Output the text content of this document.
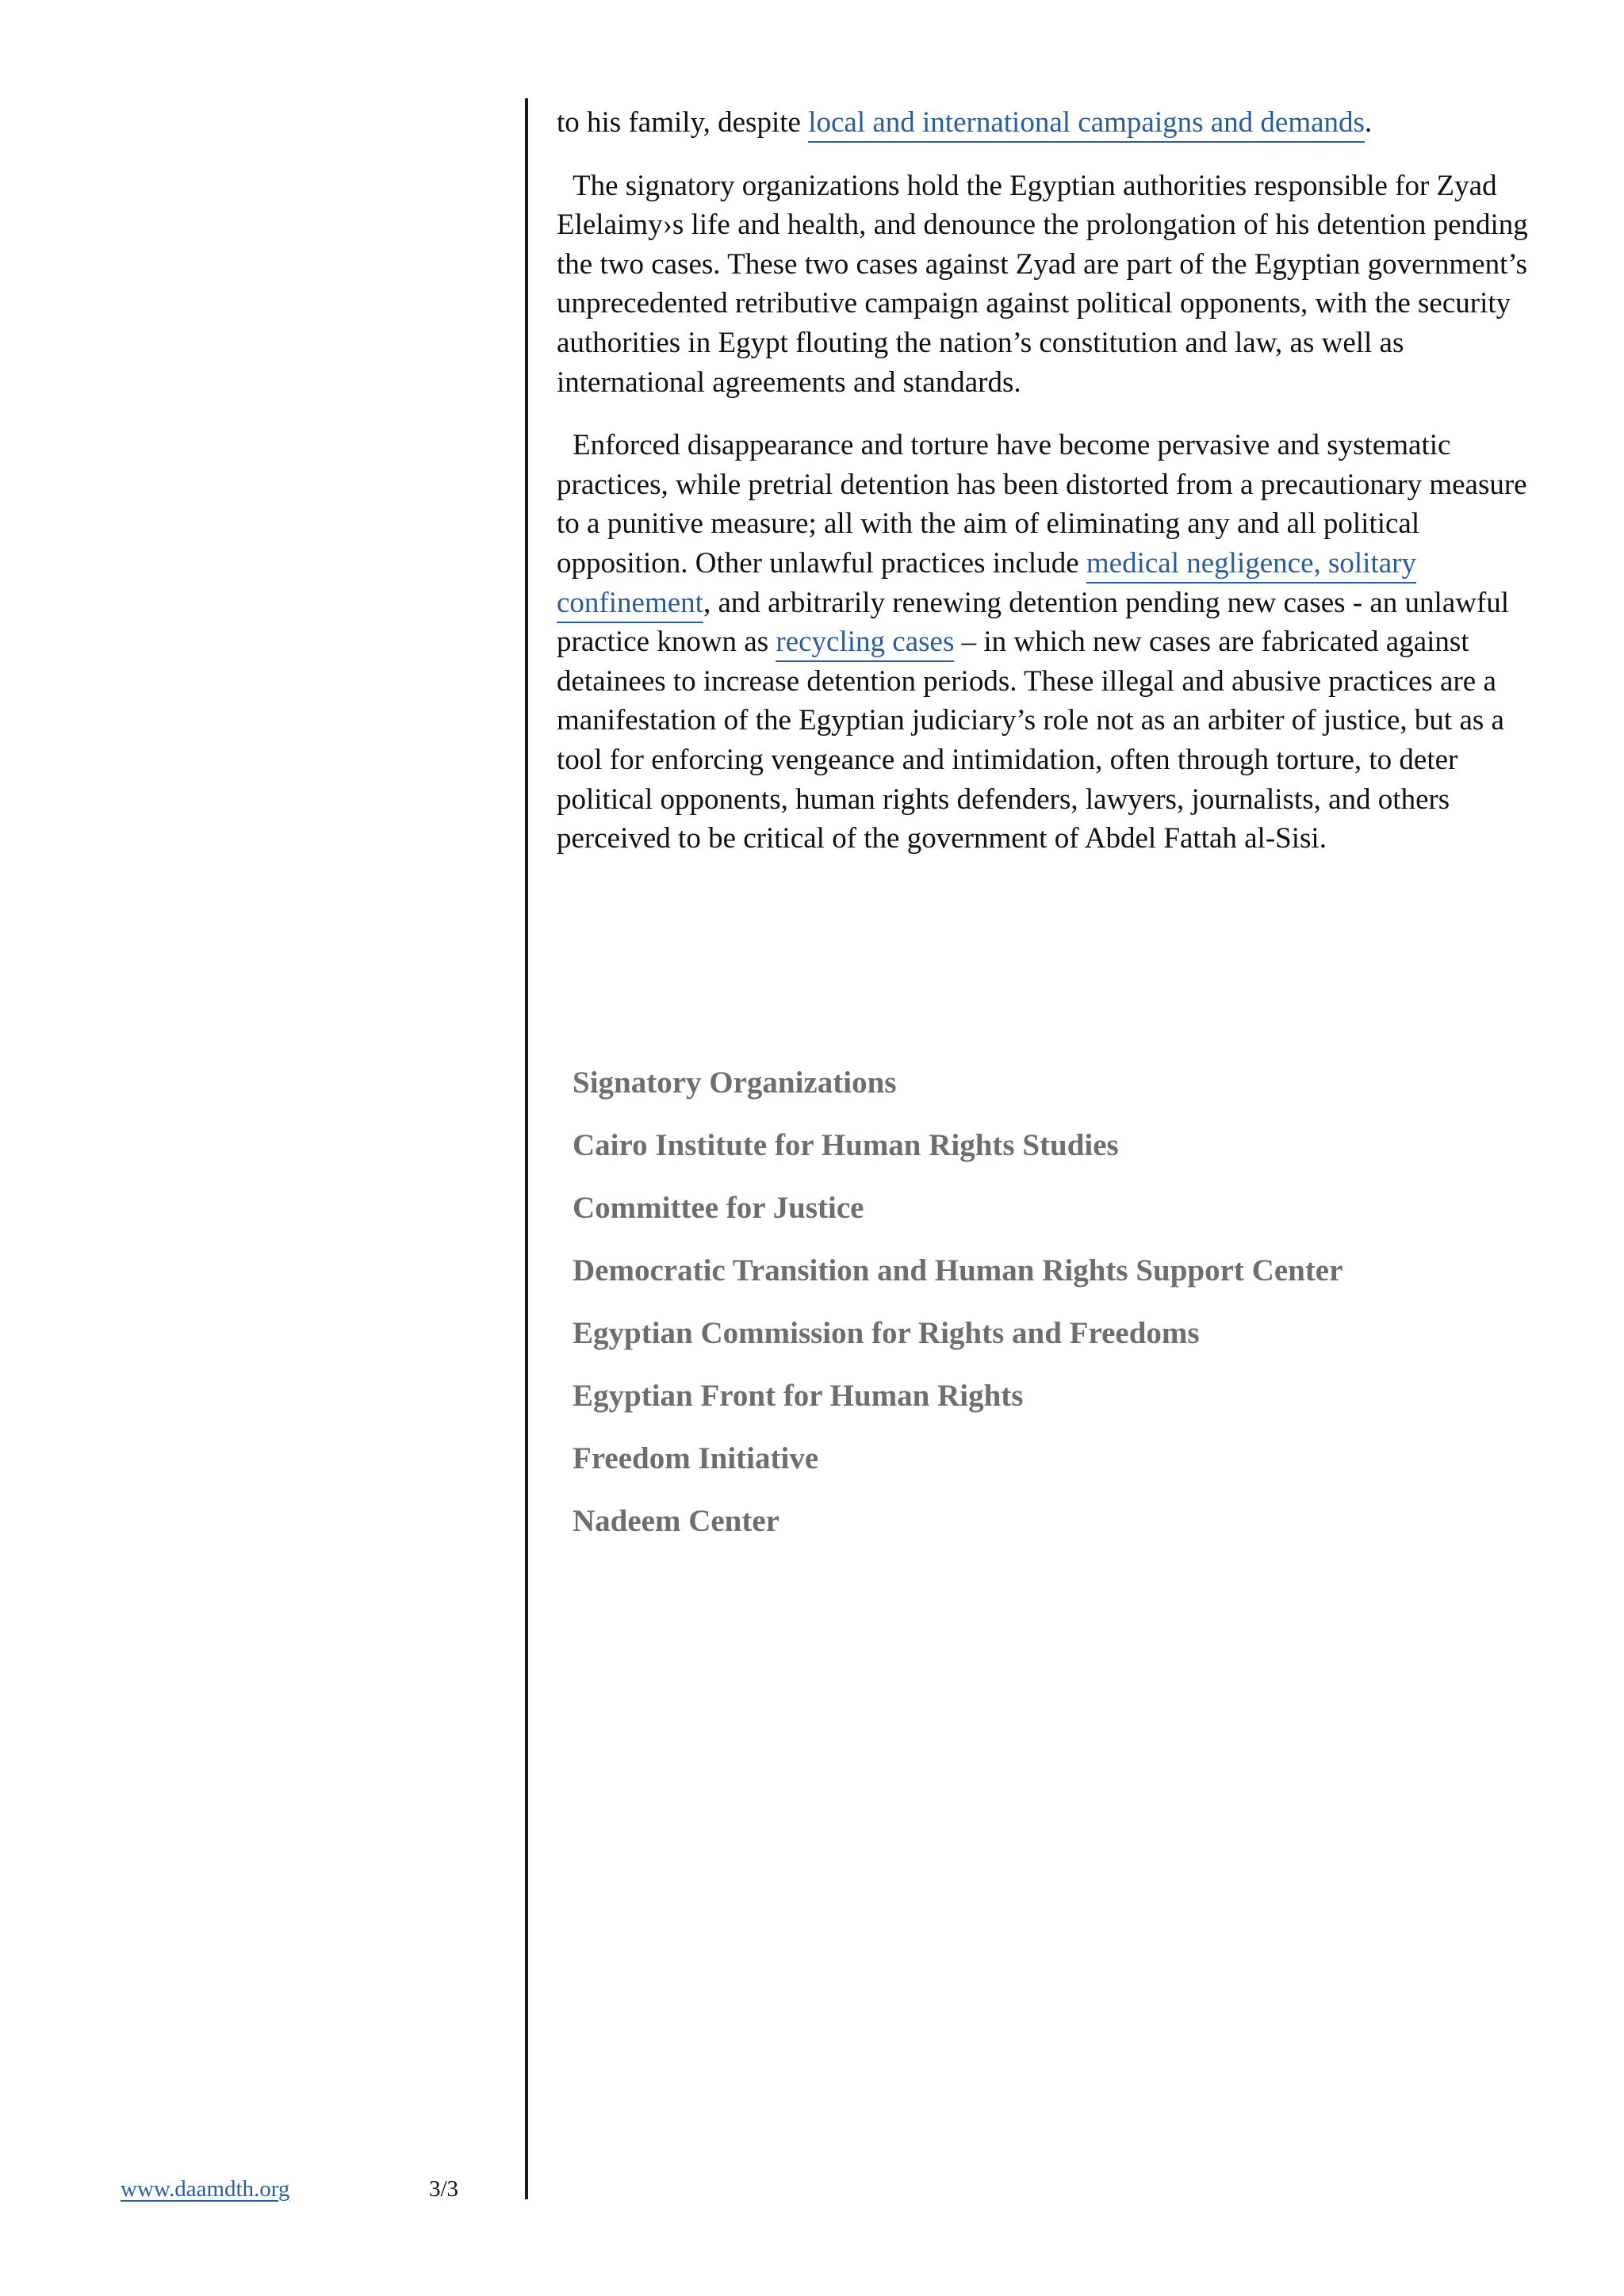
to his family, despite local and international campaigns and demands.

The signatory organizations hold the Egyptian authorities responsible for Zyad Elelaimy›s life and health, and denounce the prolongation of his detention pending the two cases. These two cases against Zyad are part of the Egyptian government’s unprecedented retributive campaign against political opponents, with the security authorities in Egypt flouting the nation’s constitution and law, as well as international agreements and standards.

Enforced disappearance and torture have become pervasive and systematic practices, while pretrial detention has been distorted from a precautionary measure to a punitive measure; all with the aim of eliminating any and all political opposition. Other unlawful practices include medical negligence, solitary confinement, and arbitrarily renewing detention pending new cases - an unlawful practice known as recycling cases – in which new cases are fabricated against detainees to increase detention periods. These illegal and abusive practices are a manifestation of the Egyptian judiciary’s role not as an arbiter of justice, but as a tool for enforcing vengeance and intimidation, often through torture, to deter political opponents, human rights defenders, lawyers, journalists, and others perceived to be critical of the government of Abdel Fattah al-Sisi.

Signatory Organizations
Cairo Institute for Human Rights Studies
Committee for Justice
Democratic Transition and Human Rights Support Center
Egyptian Commission for Rights and Freedoms
Egyptian Front for Human Rights
Freedom Initiative
Nadeem Center
www.daamdth.org	3/3
